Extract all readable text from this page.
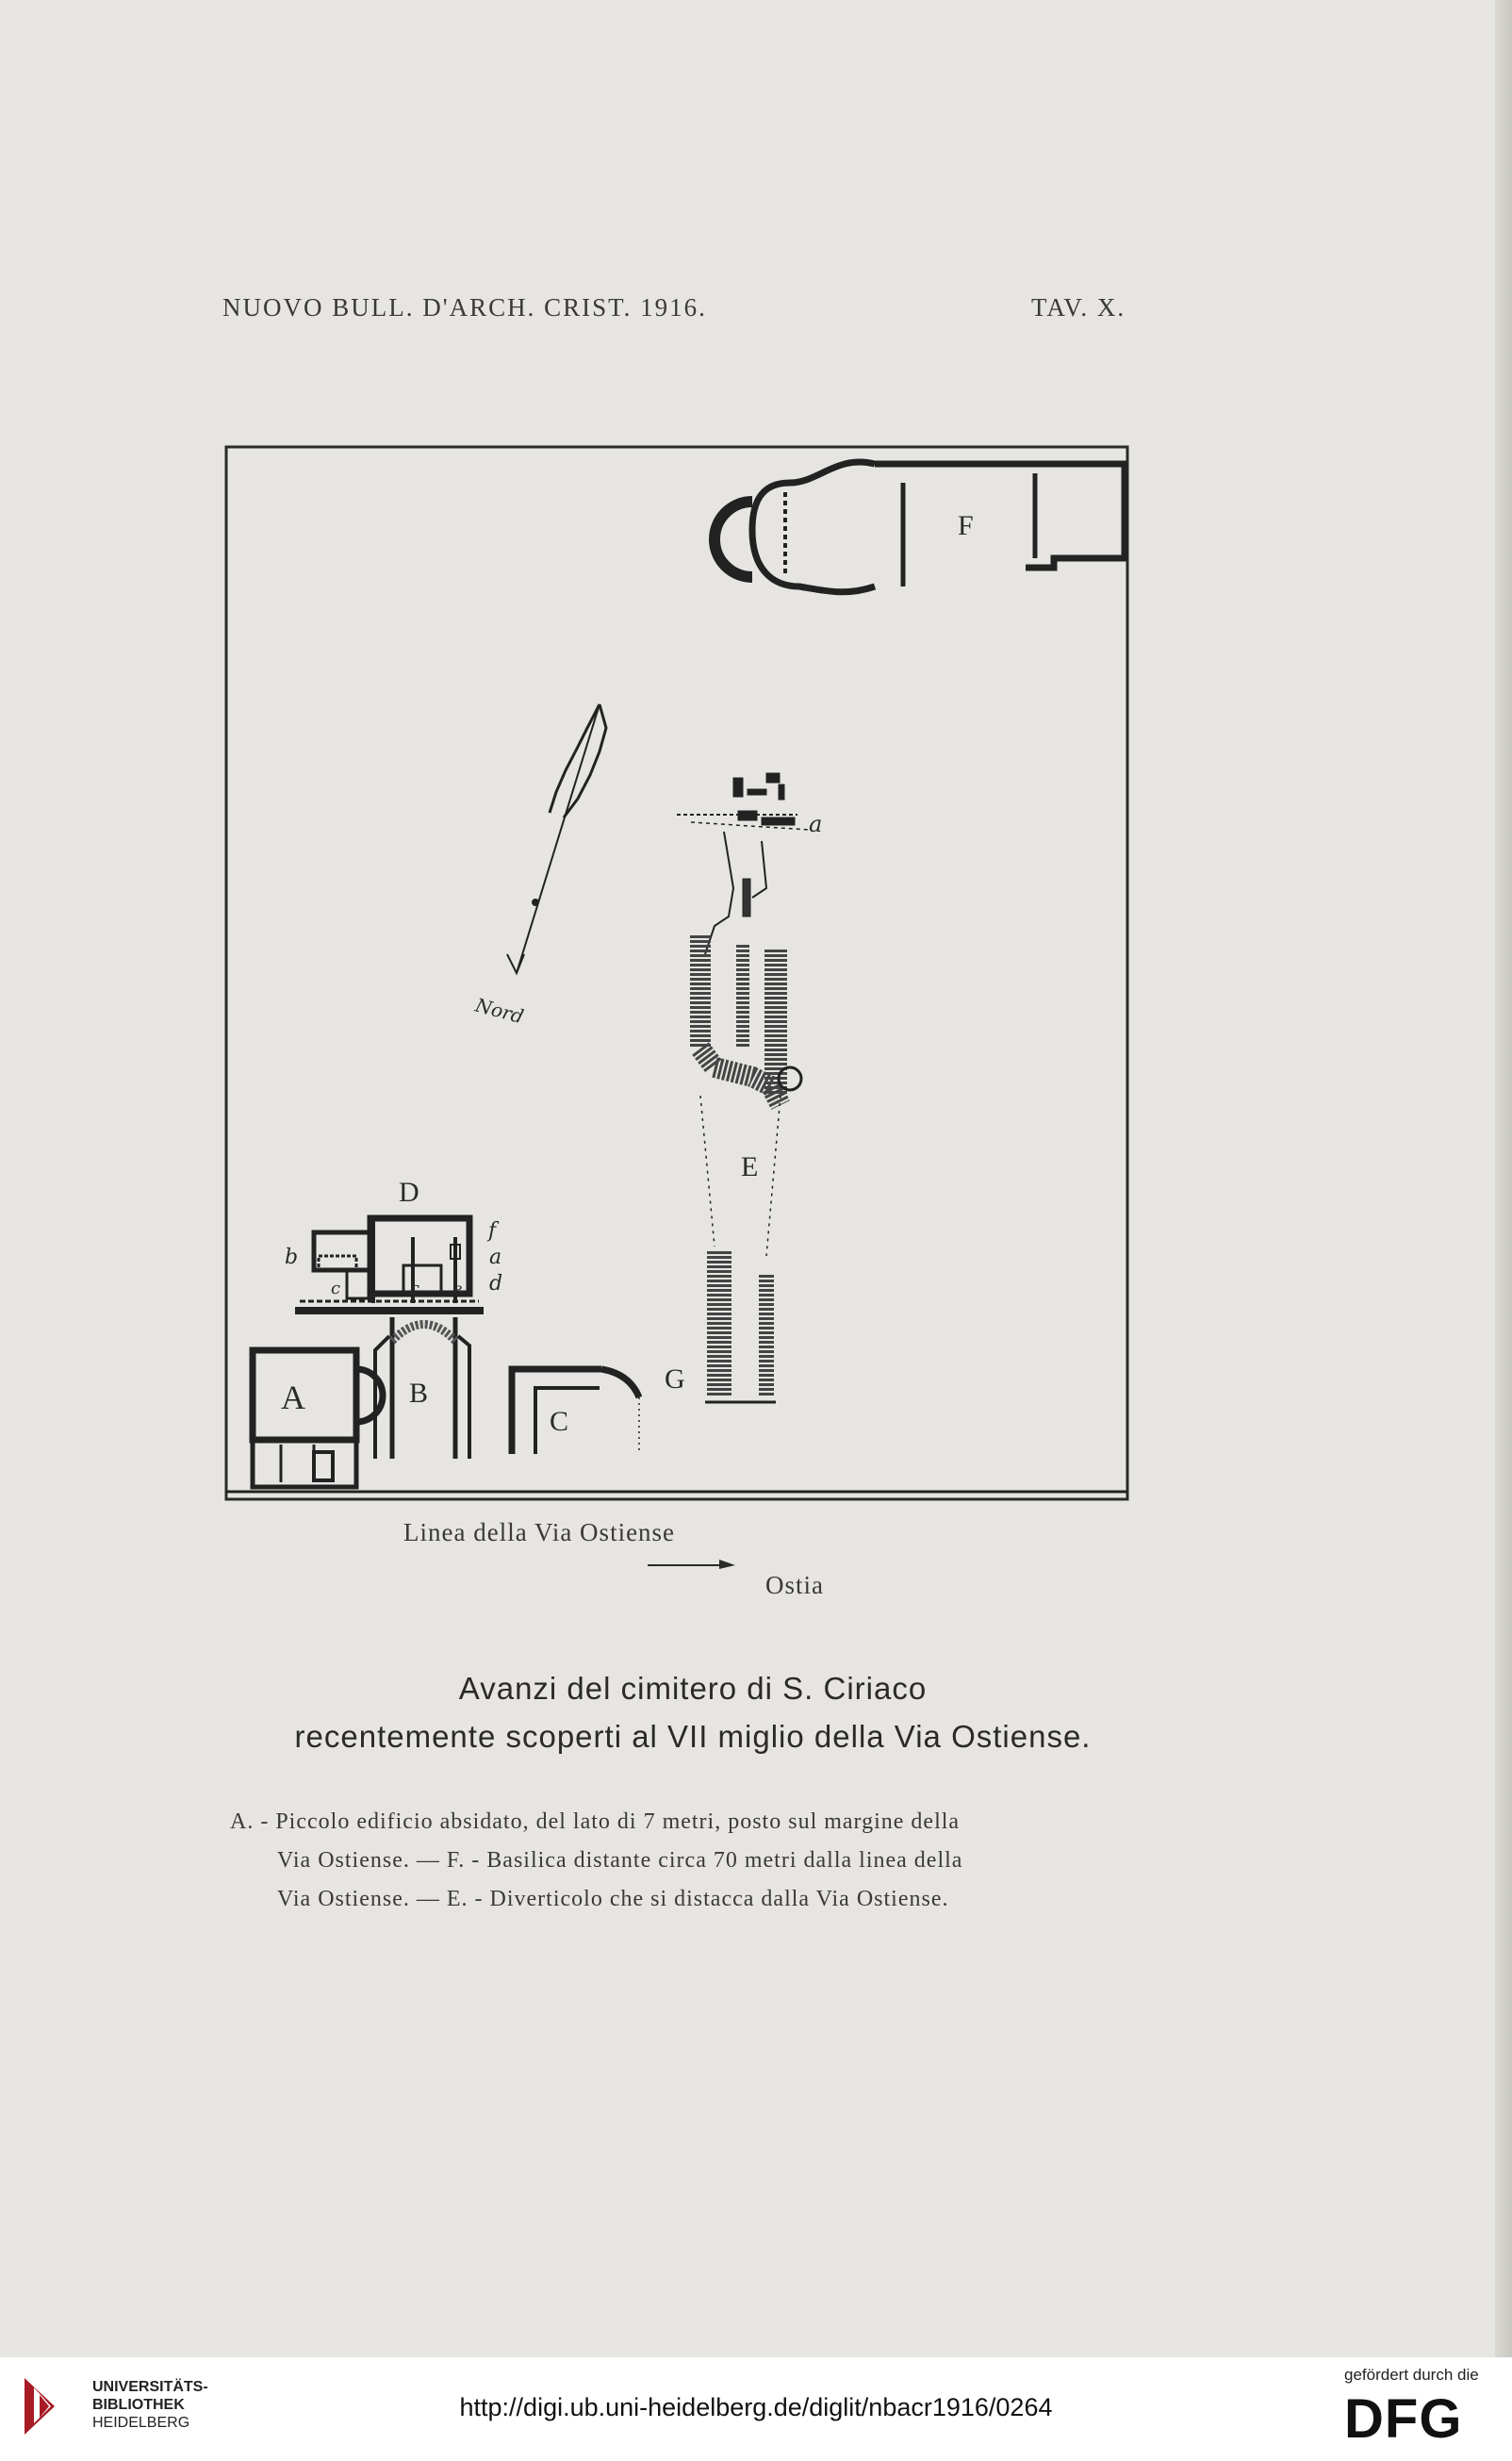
NUOVO BULL. D'ARCH. CRIST. 1916.	TAV. X.
F
Nord
a
E
D
f
a
d
b
c	c e
B
A
C
G
Linea della Via Ostiense
Ostia
Avanzi del cimitero di S. Ciriaco
recentemente scoperti al VII miglio della Via Ostiense.
A. - Piccolo edificio absidato, del lato di 7 metri, posto sul margine della
Via Ostiense. — F. - Basilica distante circa 70 metri dalla linea della
Via Ostiense. — E. - Diverticolo che si distacca dalla Via Ostiense.
UNIVERSITÄTS-
BIBLIOTHEK
HEIDELBERG
http://digi.ub.uni-heidelberg.de/diglit/nbacr1916/0264
gefördert durch die
DFG
